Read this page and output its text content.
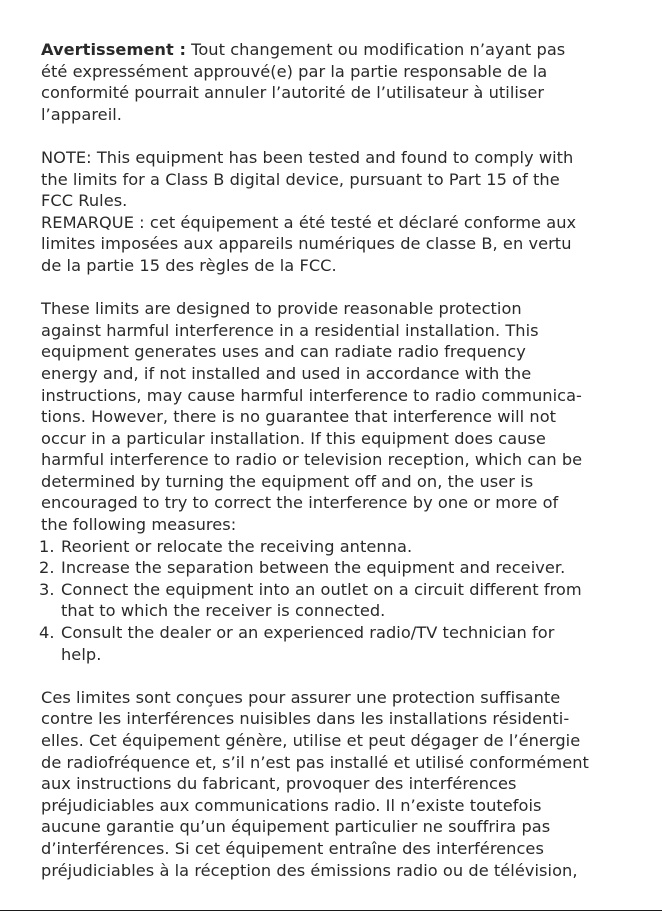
Avertissement : Tout changement ou modification n’ayant pas
été expressément approuvé(e) par la partie responsable de la
conformité pourrait annuler l’autorité de l’utilisateur à utiliser
l’appareil.
NOTE: This equipment has been tested and found to comply with
the limits for a Class B digital device, pursuant to Part 15 of the
FCC Rules.
REMARQUE : cet équipement a été testé et déclaré conforme aux
limites imposées aux appareils numériques de classe B, en vertu
de la partie 15 des règles de la FCC.
These limits are designed to provide reasonable protection
against harmful interference in a residential installation. This
equipment generates uses and can radiate radio frequency
energy and, if not installed and used in accordance with the
instructions, may cause harmful interference to radio communica-
tions. However, there is no guarantee that interference will not
occur in a particular installation. If this equipment does cause
harmful interference to radio or television reception, which can be
determined by turning the equipment off and on, the user is
encouraged to try to correct the interference by one or more of
the following measures:
1. Reorient or relocate the receiving antenna.
2. Increase the separation between the equipment and receiver.
3. Connect the equipment into an outlet on a circuit different from
that to which the receiver is connected.
4. Consult the dealer or an experienced radio/TV technician for
help.
Ces limites sont conçues pour assurer une protection suffisante
contre les interférences nuisibles dans les installations résidenti-
elles. Cet équipement génère, utilise et peut dégager de l’énergie
de radiofréquence et, s’il n’est pas installé et utilisé conformément
aux instructions du fabricant, provoquer des interférences
préjudiciables aux communications radio. Il n’existe toutefois
aucune garantie qu’un équipement particulier ne souffrira pas
d’interférences. Si cet équipement entraîne des interférences
préjudiciables à la réception des émissions radio ou de télévision,
